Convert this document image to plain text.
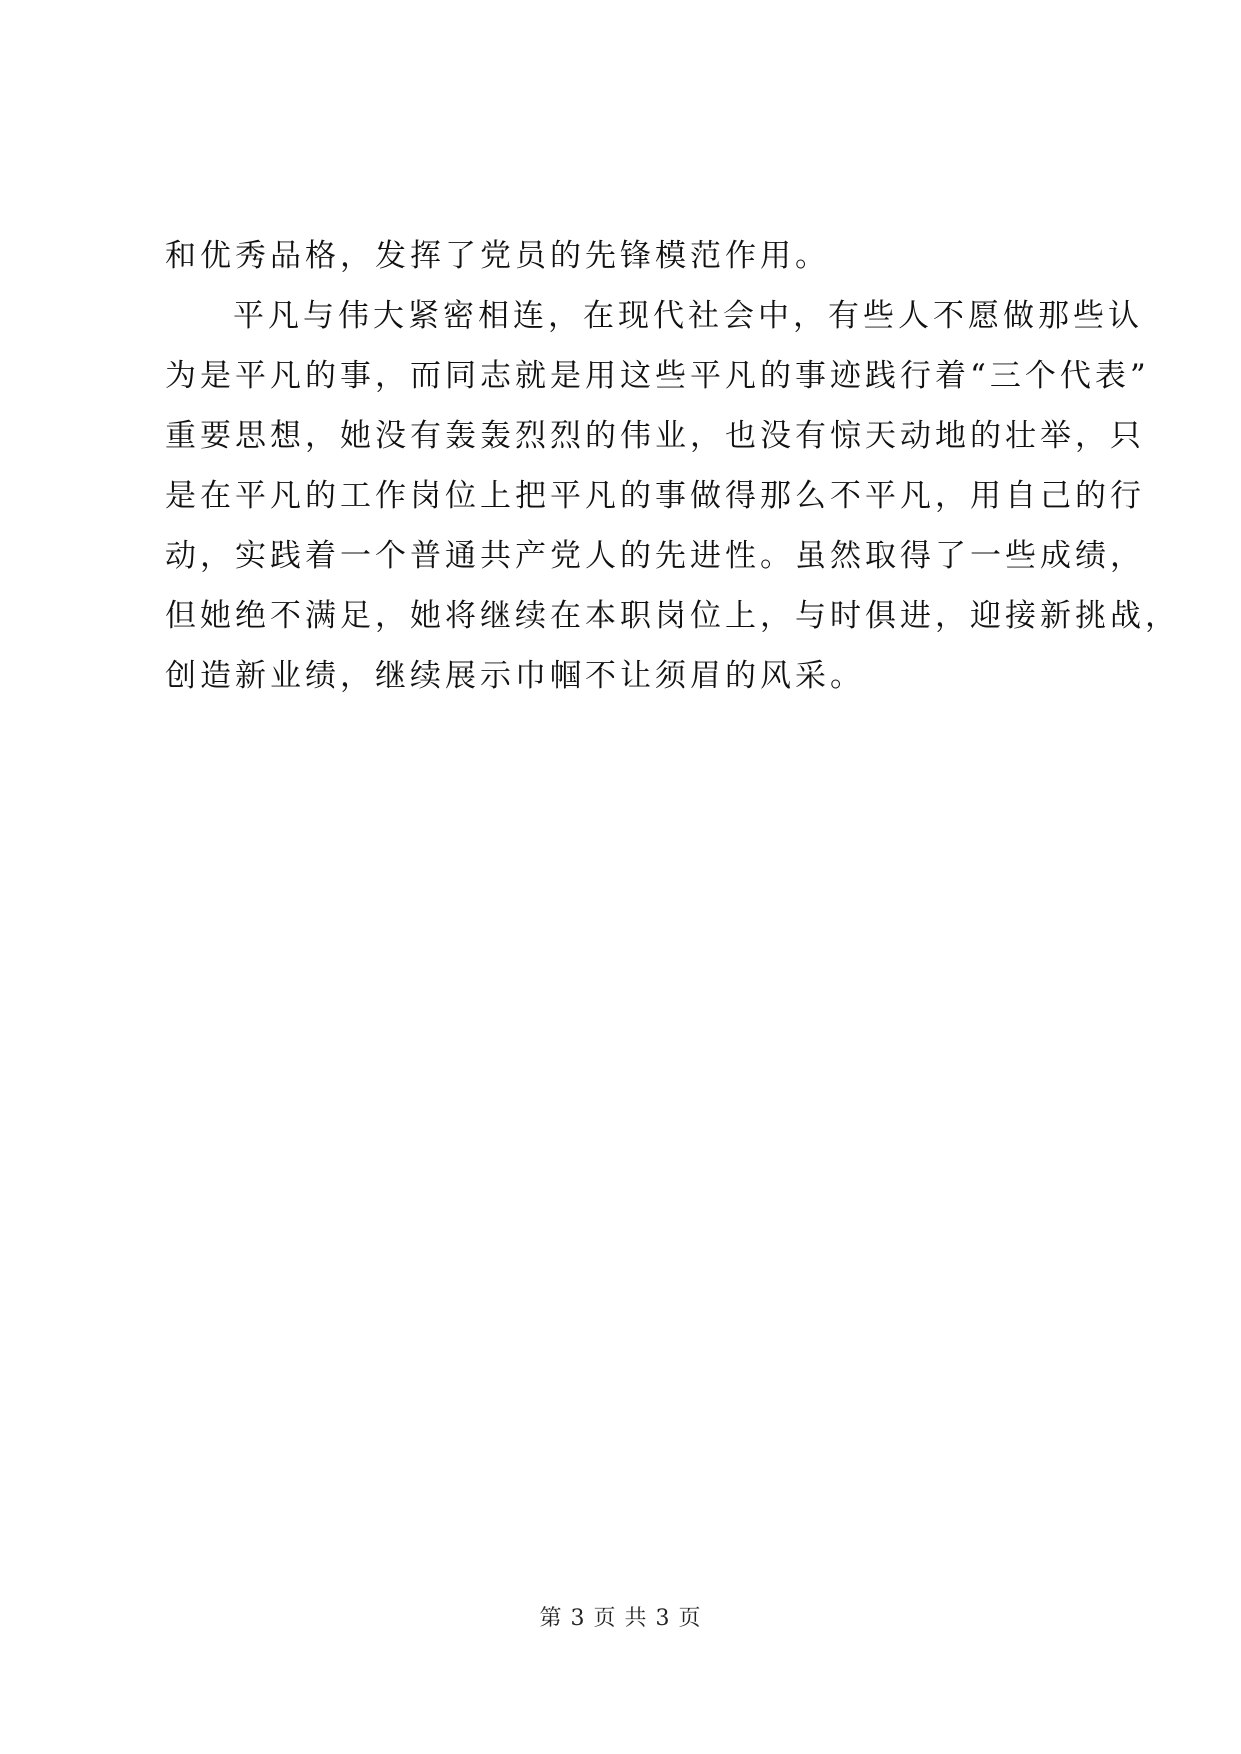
和优秀品格，发挥了党员的先锋模范作用。
平凡与伟大紧密相连，在现代社会中，有些人不愿做那些认
为是平凡的事，而同志就是用这些平凡的事迹践行着“三个代表”
重要思想，她没有轰轰烈烈的伟业，也没有惊天动地的壮举，只
是在平凡的工作岗位上把平凡的事做得那么不平凡，用自己的行
动，实践着一个普通共产党人的先进性。虽然取得了一些成绩，
但她绝不满足，她将继续在本职岗位上，与时俱进，迎接新挑战，
创造新业绩，继续展示巾帼不让须眉的风采。
第 3 页 共 3 页
